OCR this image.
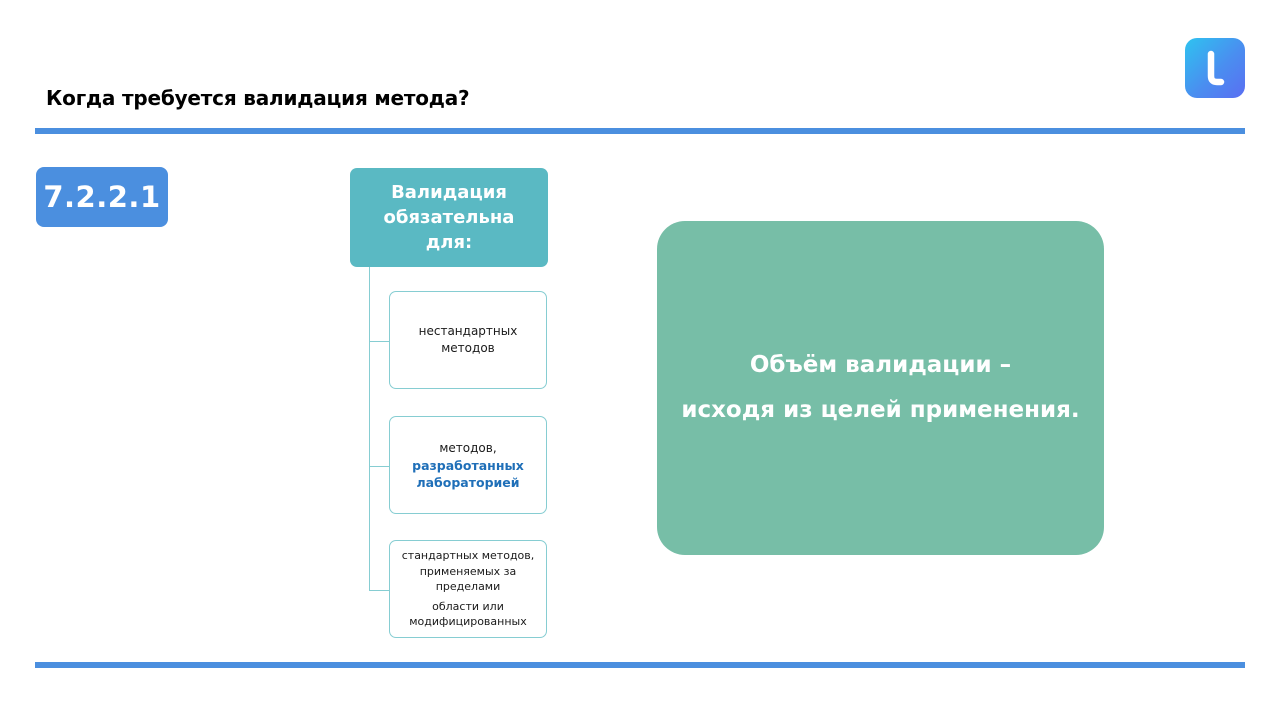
Когда требуется валидация метода?
7.2.2.1	Валидация
обязательна
для:
нестандартных
методов
методов,
разработанных
лабораторией
стандартных методов,
применяемых за
пределами
области или
модифицированных
Объём валидации –
исходя из целей применения.
